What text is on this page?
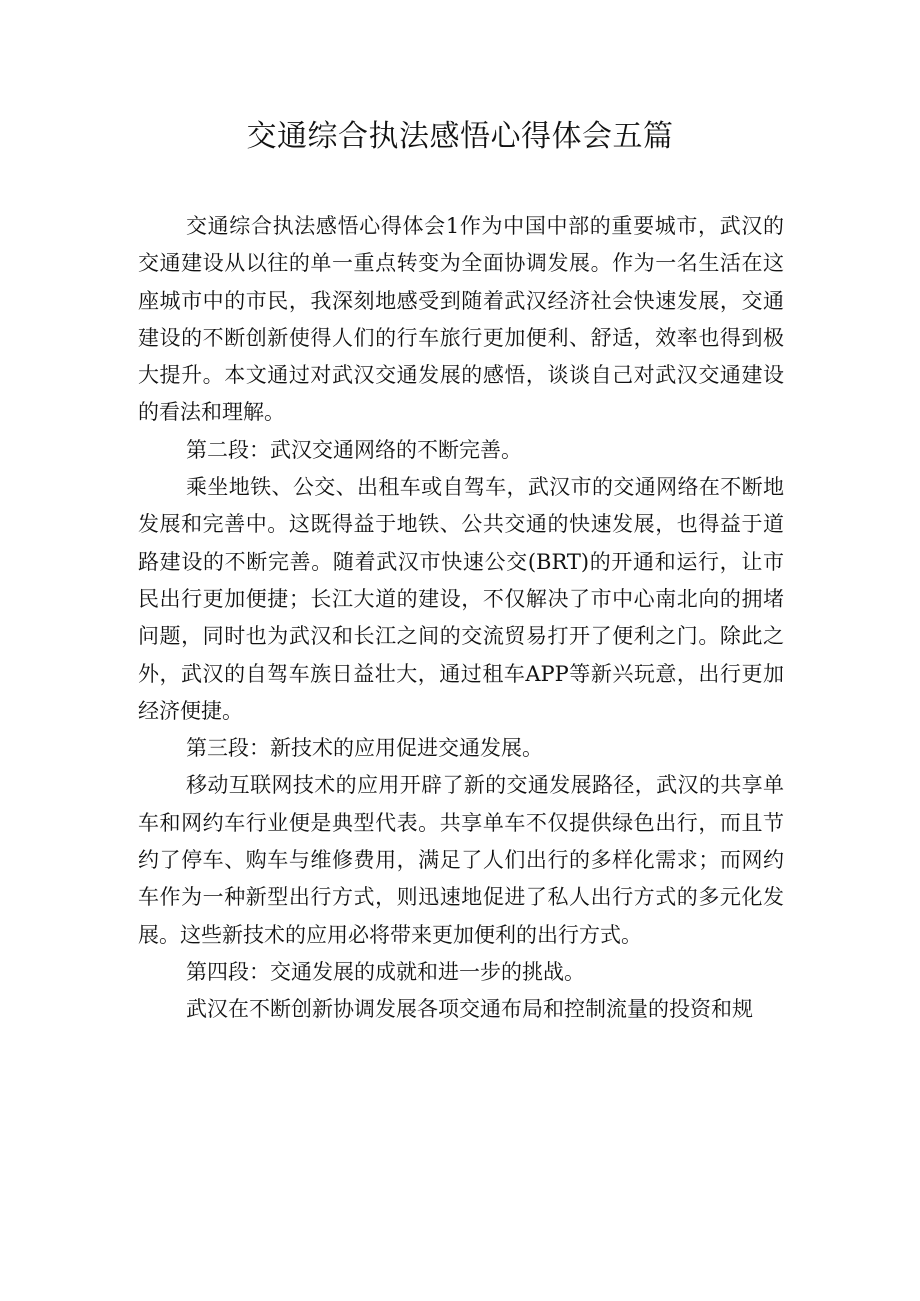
交通综合执法感悟心得体会五篇

交通综合执法感悟心得体会1作为中国中部的重要城市，武汉的交通建设从以往的单一重点转变为全面协调发展。作为一名生活在这座城市中的市民，我深刻地感受到随着武汉经济社会快速发展，交通建设的不断创新使得人们的行车旅行更加便利、舒适，效率也得到极大提升。本文通过对武汉交通发展的感悟，谈谈自己对武汉交通建设的看法和理解。

第二段：武汉交通网络的不断完善。

乘坐地铁、公交、出租车或自驾车，武汉市的交通网络在不断地发展和完善中。这既得益于地铁、公共交通的快速发展，也得益于道路建设的不断完善。随着武汉市快速公交(BRT)的开通和运行，让市民出行更加便捷；长江大道的建设，不仅解决了市中心南北向的拥堵问题，同时也为武汉和长江之间的交流贸易打开了便利之门。除此之外，武汉的自驾车族日益壮大，通过租车APP等新兴玩意，出行更加经济便捷。

第三段：新技术的应用促进交通发展。

移动互联网技术的应用开辟了新的交通发展路径，武汉的共享单车和网约车行业便是典型代表。共享单车不仅提供绿色出行，而且节约了停车、购车与维修费用，满足了人们出行的多样化需求；而网约车作为一种新型出行方式，则迅速地促进了私人出行方式的多元化发展。这些新技术的应用必将带来更加便利的出行方式。

第四段：交通发展的成就和进一步的挑战。

武汉在不断创新协调发展各项交通布局和控制流量的投资和规
